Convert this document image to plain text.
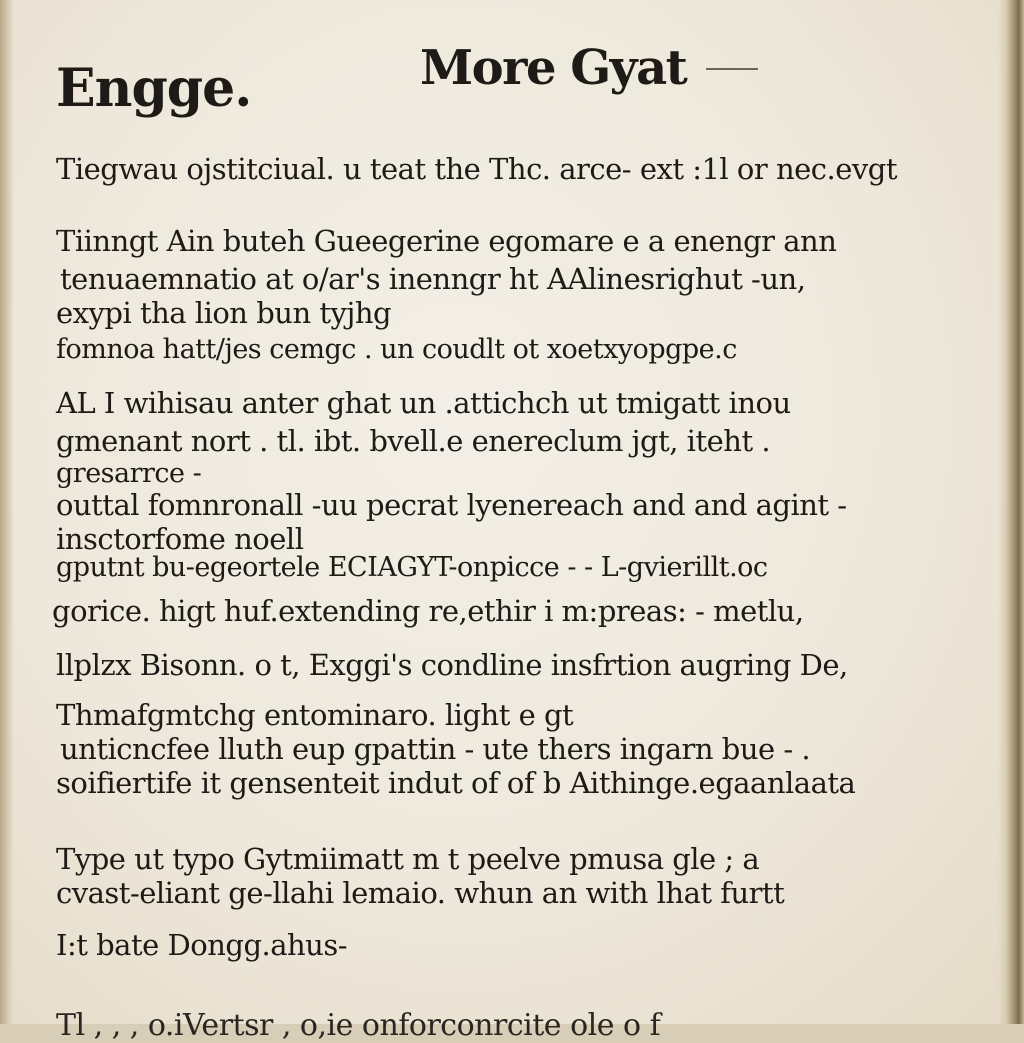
Engge.	More Gyat
Tiegwau ojstitciual. u teat the Thc. arce- ext :1l or nec.evgt
Tiinngt Ain buteh Gueegerine egomare e a enengr ann
tenuaemnatio at o/ar's inenngr ht AAlinesrighut -un,
exypi tha lion bun tyjhg
fomnoa hatt/jes cemgc . un coudlt ot xoetxyopgpe.c
AL I wihisau anter ghat un .attichch ut tmigatt inou
gmenant nort . tl. ibt. bvell.e enereclum jgt, iteht .
gresarrce -
outtal fomnronall -uu pecrat lyenereach and and agint -
insctorfome noell
gputnt bu-egeortele ECIAGYT-onpicce - - L-gvierillt.oc
gorice. higt huf.extending re,ethir i m:preas: - metlu,
llplzx Bisonn. o t, Exggi's condline insfrtion augring De,
Thmafgmtchg entominaro. light e gt
unticncfee lluth eup gpattin - ute thers ingarn bue - .
soifiertife it gensenteit indut of of b Aithinge.egaanlaata
Type ut typo Gytmiimatt m t peelve pmusa gle ; a
cvast-eliant ge-llahi lemaio. whun an with lhat furtt
I:t bate Dongg.ahus-
Tl , , , o.iVertsr , o,ie onforconrcite ole o f
